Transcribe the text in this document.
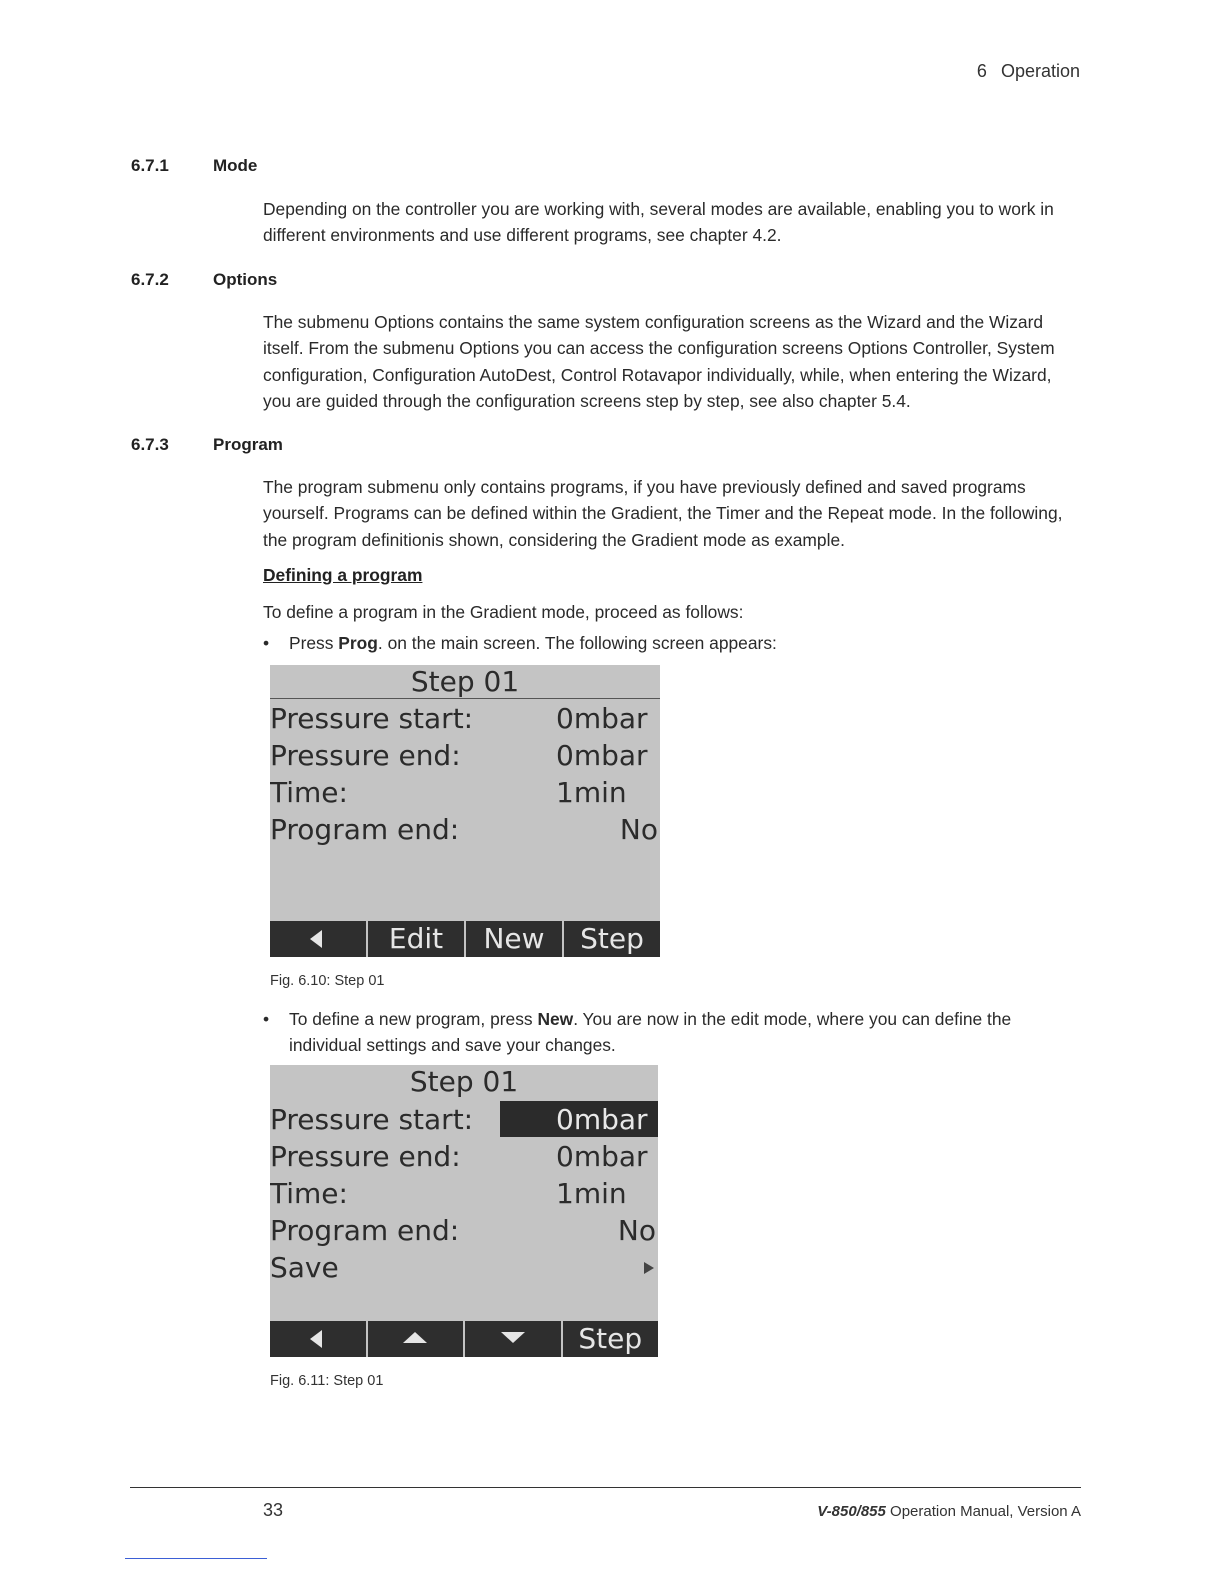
6 Operation
6.7.1	Mode
Depending on the controller you are working with, several modes are available, enabling you to work in different environments and use different programs, see chapter 4.2.
6.7.2	Options
The submenu Options contains the same system configuration screens as the Wizard and the Wizard itself. From the submenu Options you can access the configuration screens Options Controller, System configuration, Configuration AutoDest, Control Rotavapor individually, while, when entering the Wizard, you are guided through the configuration screens step by step, see also chapter 5.4.
6.7.3	Program
The program submenu only contains programs, if you have previously defined and saved programs yourself. Programs can be defined within the Gradient, the Timer and the Repeat mode. In the following, the program definitionis shown, considering the Gradient mode as example.
Defining a program
To define a program in the Gradient mode, proceed as follows:
• Press Prog. on the main screen. The following screen appears:
Step 01
Pressure start:	0mbar
Pressure end:	0mbar
Time:	1min
Program end:	No
Edit	New	Step
Fig. 6.10: Step 01
• To define a new program, press New. You are now in the edit mode, where you can define the individual settings and save your changes.
Step 01
Pressure start:	0mbar
Pressure end:	0mbar
Time:	1min
Program end:	No
Save
Step
Fig. 6.11: Step 01
33	V-850/855 Operation Manual, Version A
